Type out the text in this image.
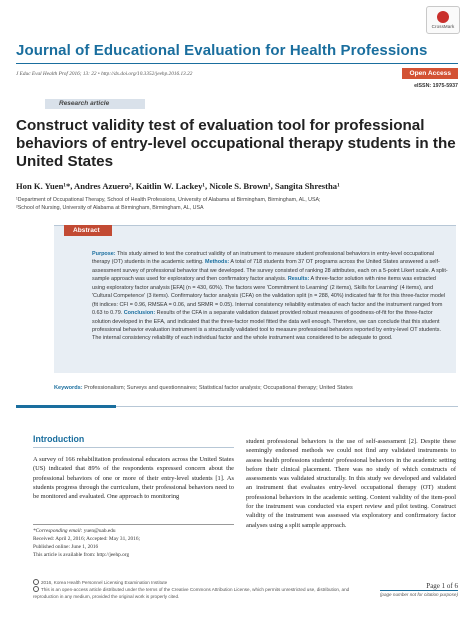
CrossMark
Journal of Educational Evaluation for Health Professions
J Educ Eval Health Prof 2016; 13: 22 • http://dx.doi.org/10.3352/jeehp.2016.13.22	Open Access
eISSN: 1975-5937
Research article
Construct validity test of evaluation tool for professional behaviors of entry-level occupational therapy students in the United States
Hon K. Yuen¹*, Andres Azuero², Kaitlin W. Lackey¹, Nicole S. Brown¹, Sangita Shrestha¹
¹Department of Occupational Therapy, School of Health Professions, University of Alabama at Birmingham, Birmingham, AL, USA;
²School of Nursing, University of Alabama at Birmingham, Birmingham, AL, USA
Abstract
Purpose: This study aimed to test the construct validity of an instrument to measure student professional behaviors in entry-level occupational therapy (OT) students in the academic setting. Methods: A total of 718 students from 37 OT programs across the United States answered a self-assessment survey of professional behavior that we developed. The survey consisted of ranking 28 attributes, each on a 5-point Likert scale. A split-sample approach was used for exploratory and then confirmatory factor analysis. Results: A three-factor solution with nine items was extracted using exploratory factor analysis [EFA] (n = 430, 60%). The factors were 'Commitment to Learning' (2 items), Skills for Learning' (4 items), and 'Cultural Competence' (3 items). Confirmatory factor analysis (CFA) on the validation split (n = 288, 40%) indicated fair fit for this three-factor model (fit indices: CFI = 0.96, RMSEA = 0.06, and SRMR = 0.05). Internal consistency reliability estimates of each factor and the instrument ranged from 0.63 to 0.79. Conclusion: Results of the CFA in a separate validation dataset provided robust measures of goodness-of-fit for the three-factor solution developed in the EFA, and indicated that the three-factor model fitted the data well enough. Therefore, we can conclude that this student professional behavior evaluation instrument is a structurally validated tool to measure professional behaviors reported by entry-level OT students. The internal consistency reliability of each individual factor and the whole instrument was considered to be adequate to good.
Keywords: Professionalism; Surveys and questionnaires; Statistical factor analysis; Occupational therapy; United States
Introduction
A survey of 166 rehabilitation professional educators across the United States (US) indicated that 89% of the respondents expressed concern about the professional behaviors of one or more of their entry-level students [1]. As students progress through the curriculum, their professional behaviors need to be monitored and evaluated. One approach to monitoring
student professional behaviors is the use of self-assessment [2]. Despite these seemingly endorsed methods we could not find any validated instruments to assess health professions students' professional behaviors in the academic setting before their clinical placement. There was no study of which constructs of assessments was validated structurally. In this study we developed and validated an instrument that evaluates entry-level occupational therapy (OT) student professional behaviors in the academic setting. Content validity of the item-pool for the instrument was conducted via expert review and pilot testing. Construct validity of the instrument was assessed via exploratory and confirmatory factor analyses using a split sample approach.
*Corresponding email: yuen@uab.edu
Received: April 2, 2016; Accepted: May 31, 2016;
Published online: June 1, 2016
This article is available from: http://jeehp.org
2016, Korea Health Personnel Licensing Examination Institute
This is an open-access article distributed under the terms of the Creative Commons Attribution License, which permits unrestricted use, distribution, and reproduction in any medium, provided the original work is properly cited.
Page 1 of 6
(page number not for citation purpose)
